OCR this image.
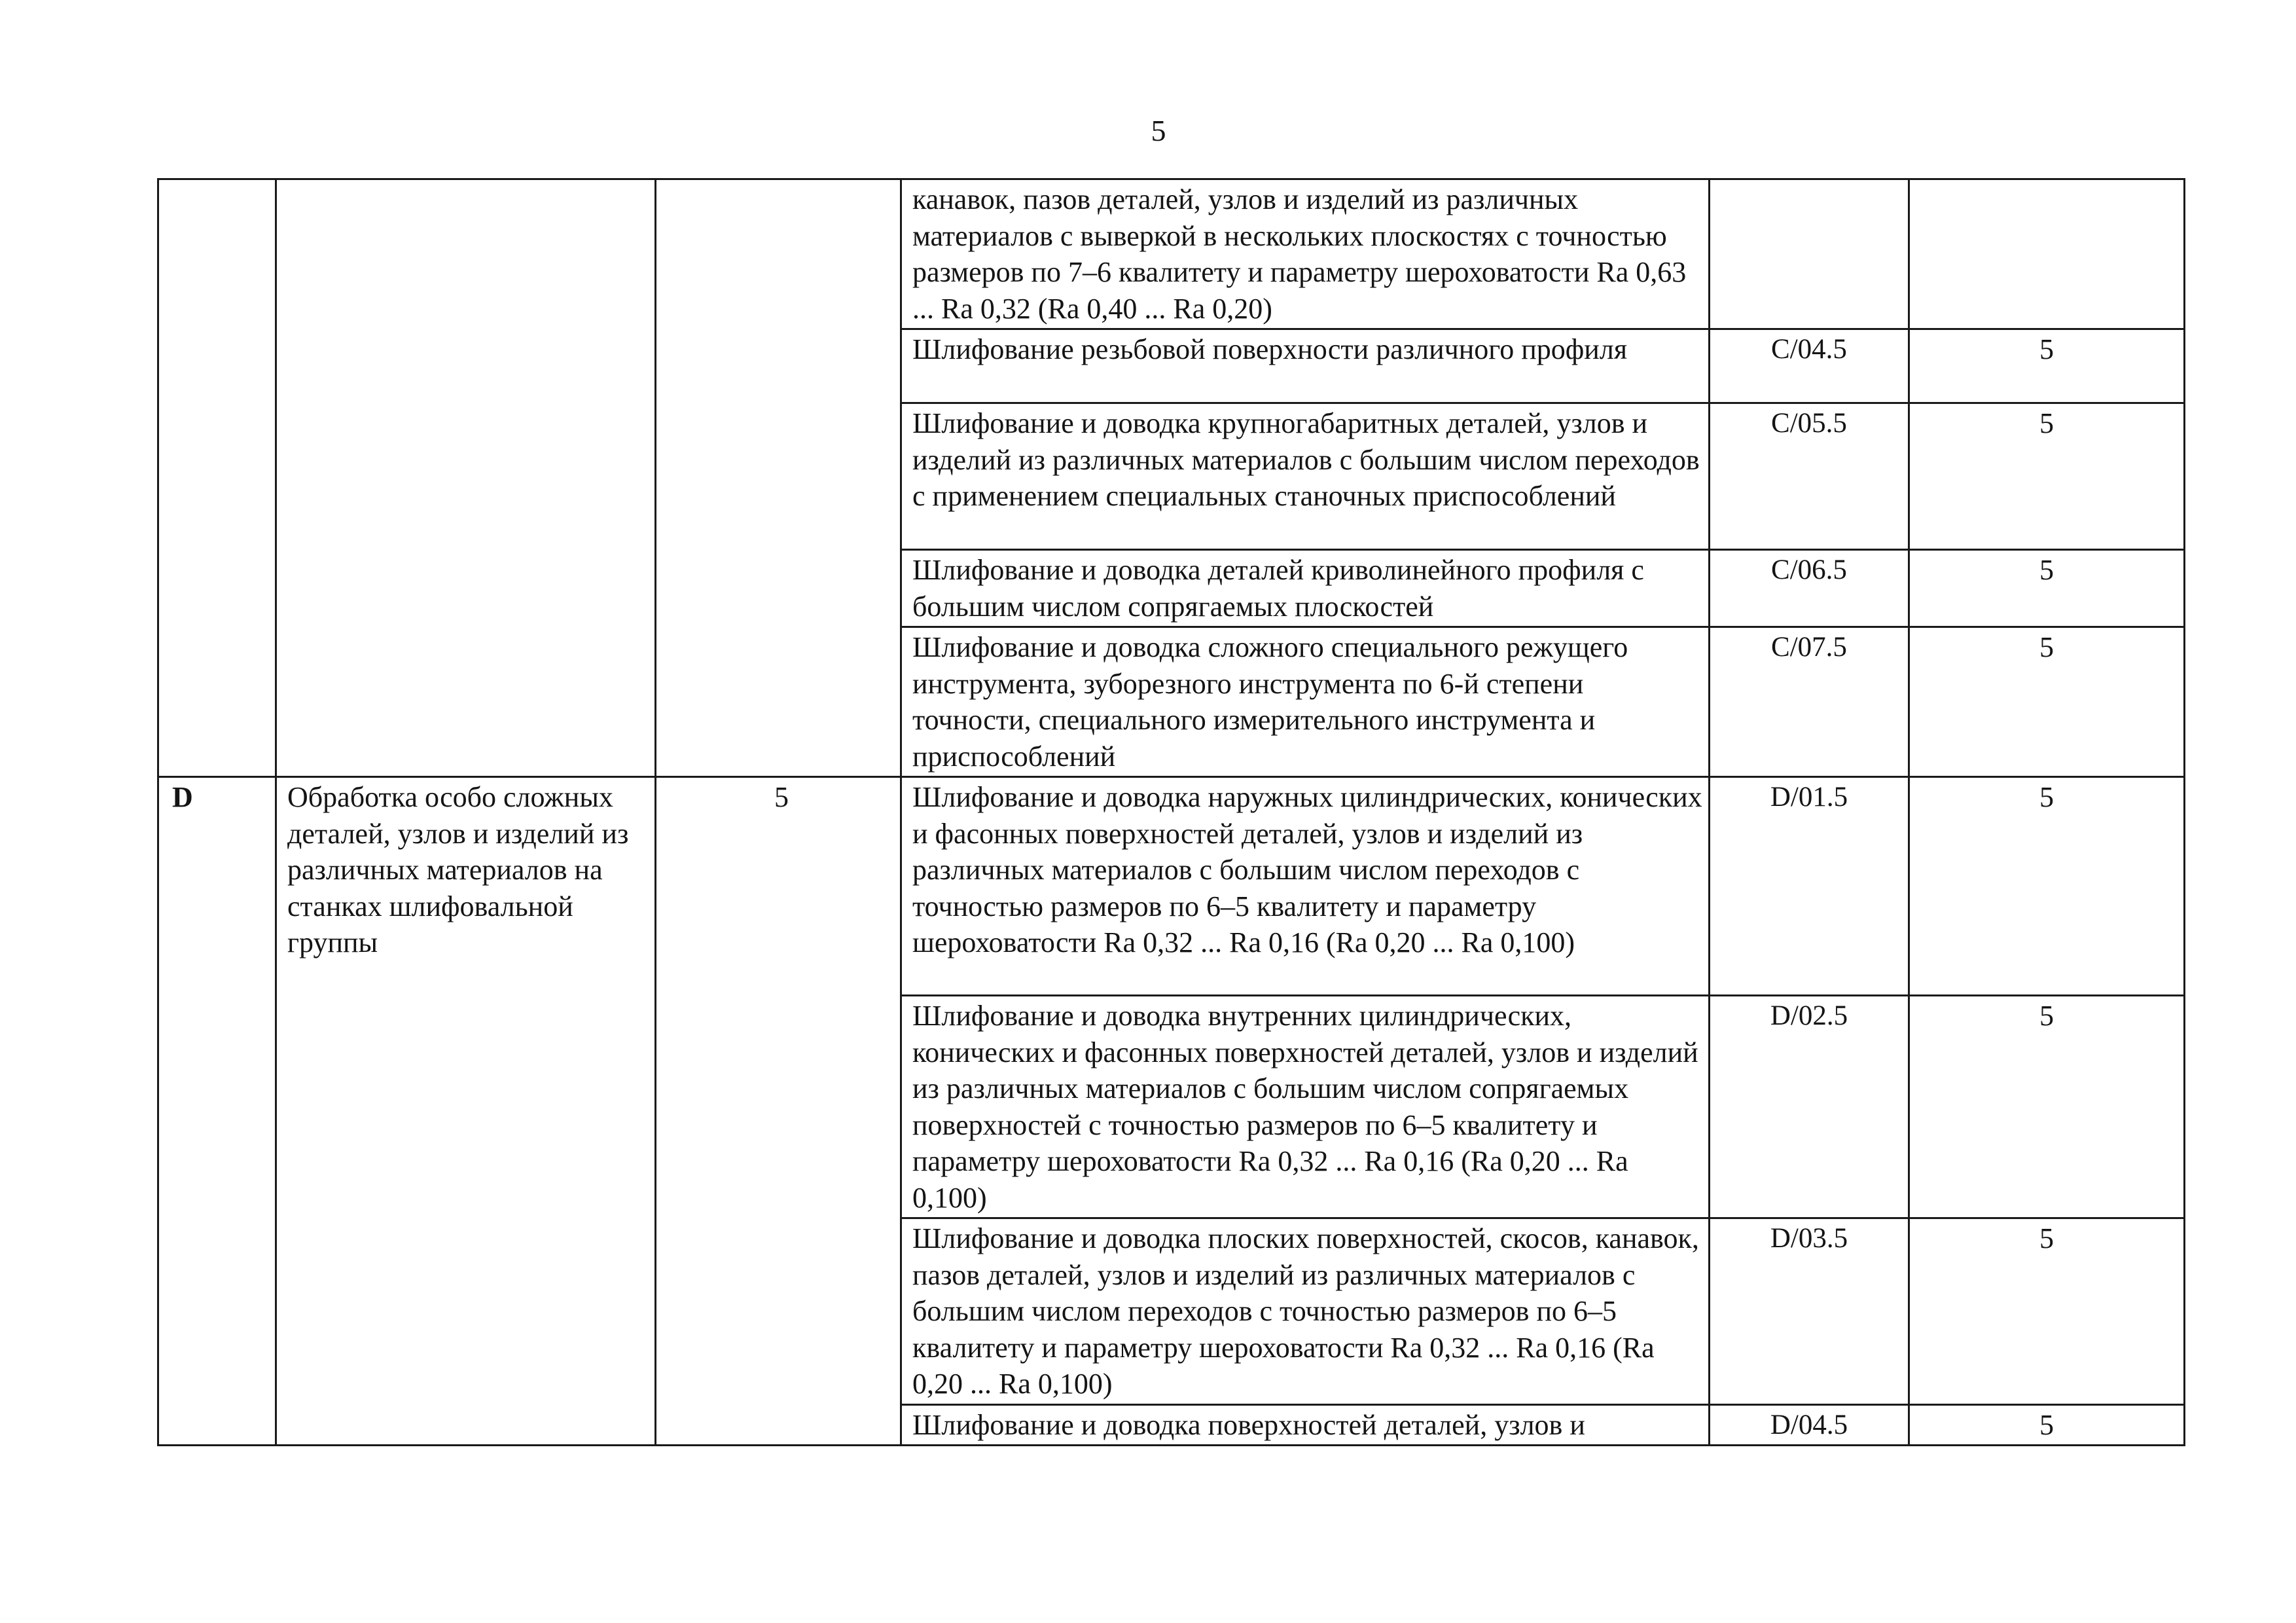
5
			канавок, пазов деталей, узлов и изделий из различных материалов с выверкой в нескольких плоскостях с точностью размеров по 7–6 квалитету и параметру шероховатости Ra 0,63 ... Ra 0,32 (Ra 0,40 ... Ra 0,20)		
			Шлифование резьбовой поверхности различного профиля	C/04.5	5
			Шлифование и доводка крупногабаритных деталей, узлов и изделий из различных материалов с большим числом переходов с применением специальных станочных приспособлений	C/05.5	5
			Шлифование и доводка деталей криволинейного профиля с большим числом сопрягаемых плоскостей	C/06.5	5
			Шлифование и доводка сложного специального режущего инструмента, зуборезного инструмента по 6-й степени точности, специального измерительного инструмента и приспособлений	C/07.5	5
D	Обработка особо сложных деталей, узлов и изделий из различных материалов на станках шлифовальной группы	5	Шлифование и доводка наружных цилиндрических, конических и фасонных поверхностей деталей, узлов и изделий из различных материалов с большим числом переходов с точностью размеров по 6–5 квалитету и параметру шероховатости Ra 0,32 ... Ra 0,16 (Ra 0,20 ... Ra 0,100)	D/01.5	5
			Шлифование и доводка внутренних цилиндрических, конических и фасонных поверхностей деталей, узлов и изделий из различных материалов с большим числом сопрягаемых поверхностей с точностью размеров по 6–5 квалитету и параметру шероховатости Ra 0,32 ... Ra 0,16 (Ra 0,20 ... Ra 0,100)	D/02.5	5
			Шлифование и доводка плоских поверхностей, скосов, канавок, пазов деталей, узлов и изделий из различных материалов с большим числом переходов с точностью размеров по 6–5 квалитету и параметру шероховатости Ra 0,32 ... Ra 0,16 (Ra 0,20 ... Ra 0,100)	D/03.5	5
			Шлифование и доводка поверхностей деталей, узлов и	D/04.5	5
